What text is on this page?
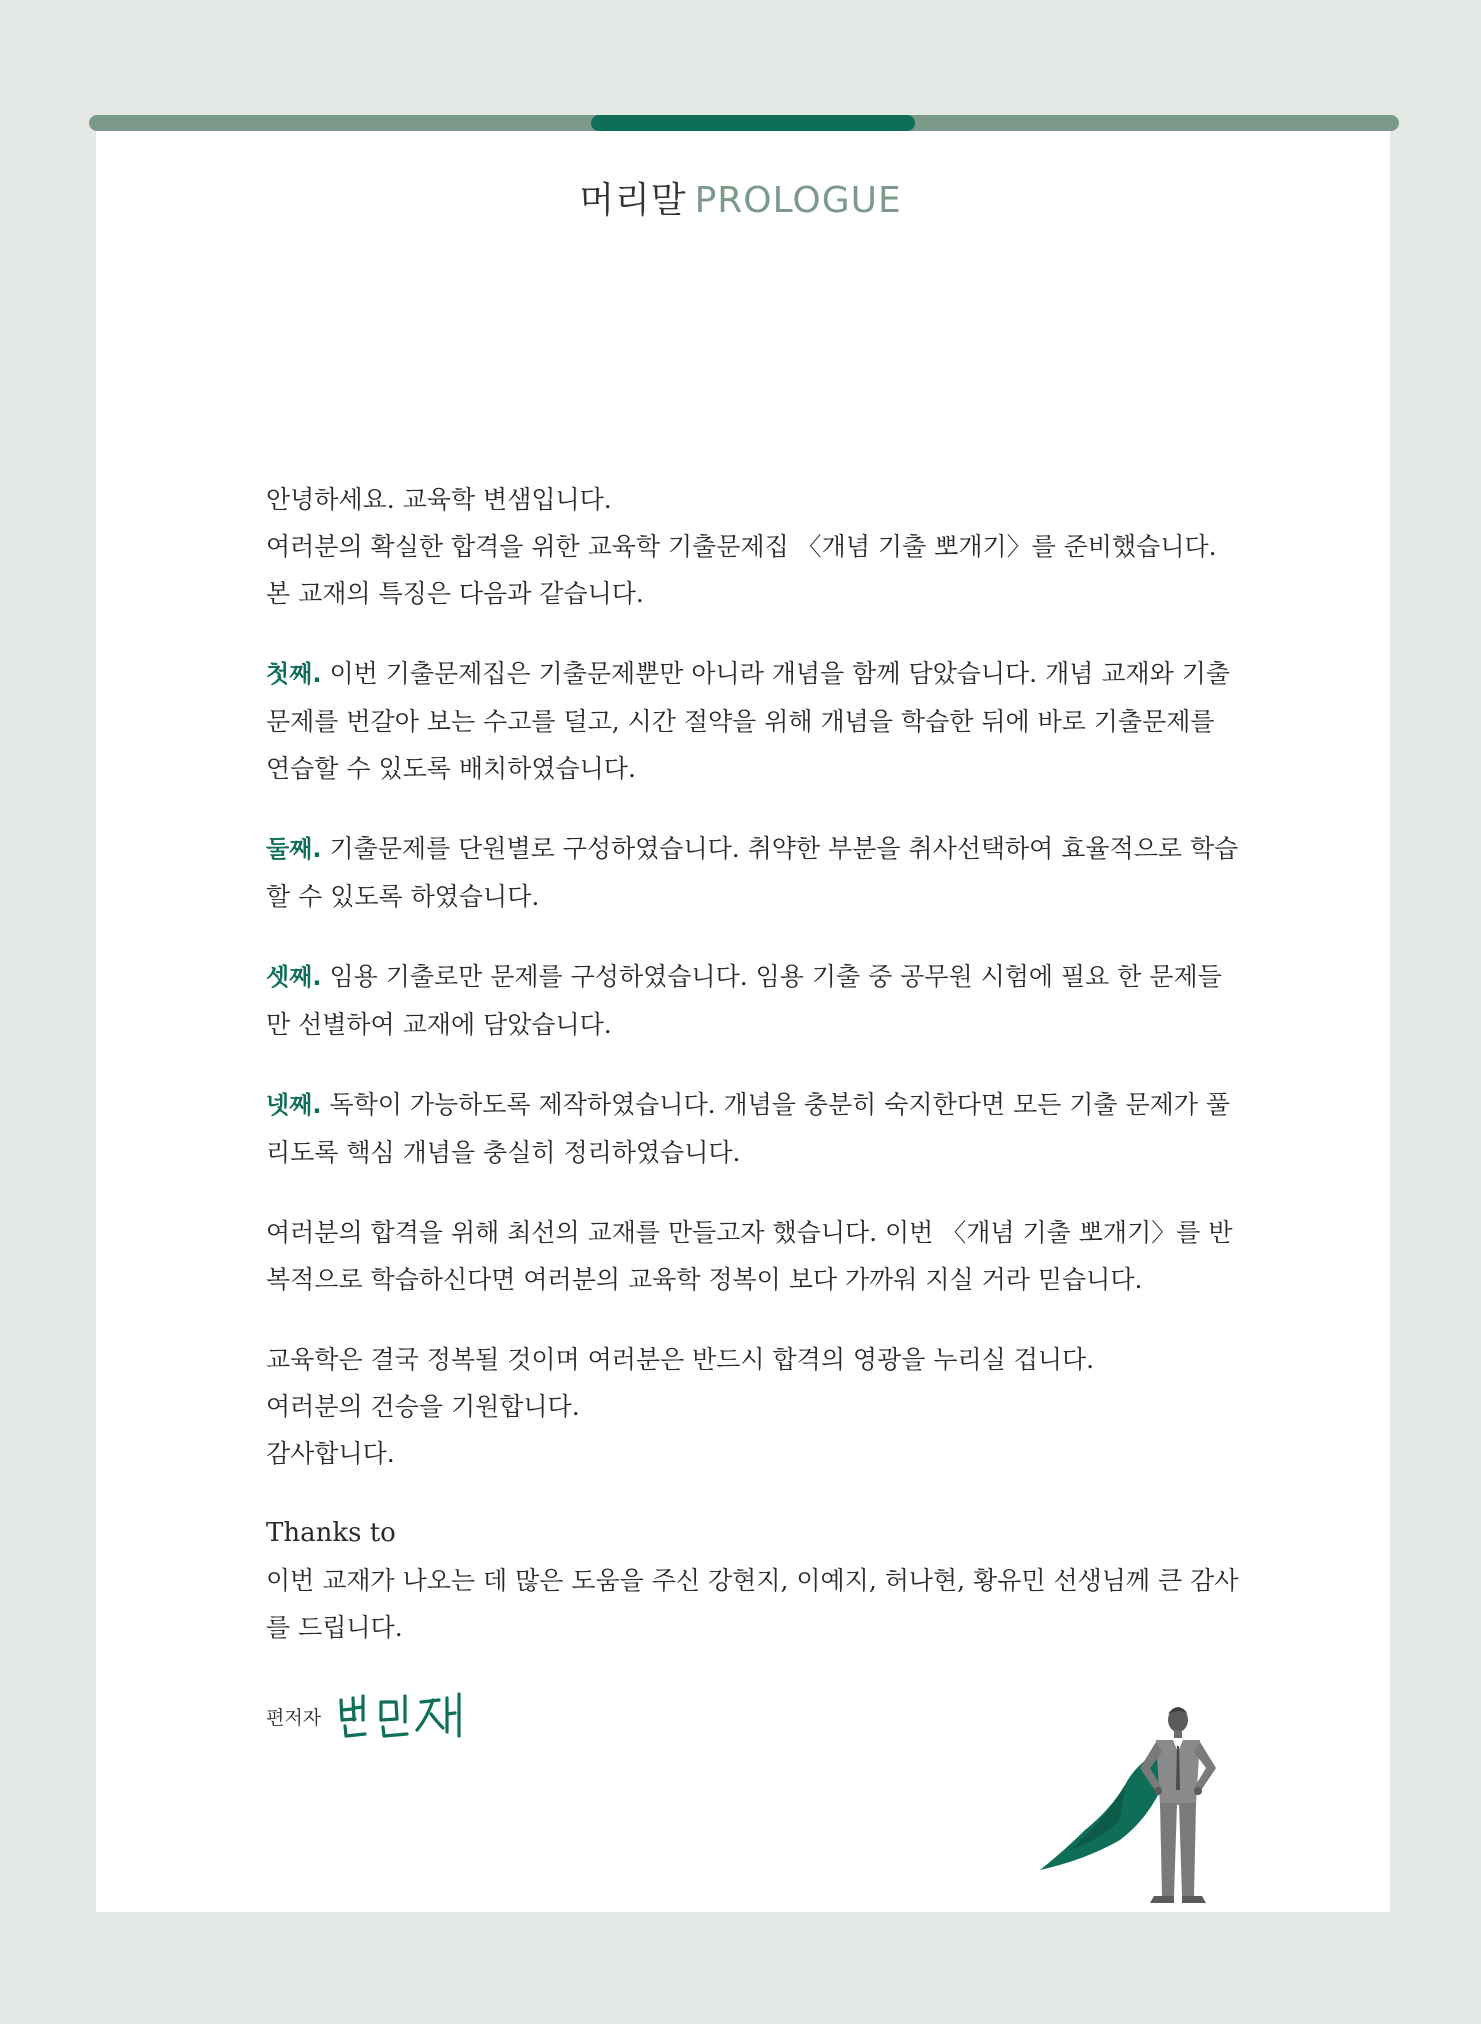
머리말 PROLOGUE

안녕하세요. 교육학 변샘입니다.

여러분의 확실한 합격을 위한 교육학 기출문제집 〈개념 기출 뽀개기〉를 준비했습니다.

본 교재의 특징은 다음과 같습니다.

첫째. 이번 기출문제집은 기출문제뿐만 아니라 개념을 함께 담았습니다. 개념 교재와 기출문제를 번갈아 보는 수고를 덜고, 시간 절약을 위해 개념을 학습한 뒤에 바로 기출문제를 연습할 수 있도록 배치하였습니다.

둘째. 기출문제를 단원별로 구성하였습니다. 취약한 부분을 취사선택하여 효율적으로 학습할 수 있도록 하였습니다.

셋째. 임용 기출로만 문제를 구성하였습니다. 임용 기출 중 공무원 시험에 필요 한 문제들만 선별하여 교재에 담았습니다.

넷째. 독학이 가능하도록 제작하였습니다. 개념을 충분히 숙지한다면 모든 기출 문제가 풀리도록 핵심 개념을 충실히 정리하였습니다.

여러분의 합격을 위해 최선의 교재를 만들고자 했습니다. 이번 〈개념 기출 뽀개기〉를 반복적으로 학습하신다면 여러분의 교육학 정복이 보다 가까워 지실 거라 믿습니다.

교육학은 결국 정복될 것이며 여러분은 반드시 합격의 영광을 누리실 겁니다.

여러분의 건승을 기원합니다.

감사합니다.

Thanks to

이번 교재가 나오는 데 많은 도움을 주신 강현지, 이예지, 허나현, 황유민 선생님께 큰 감사를 드립니다.

편저자
